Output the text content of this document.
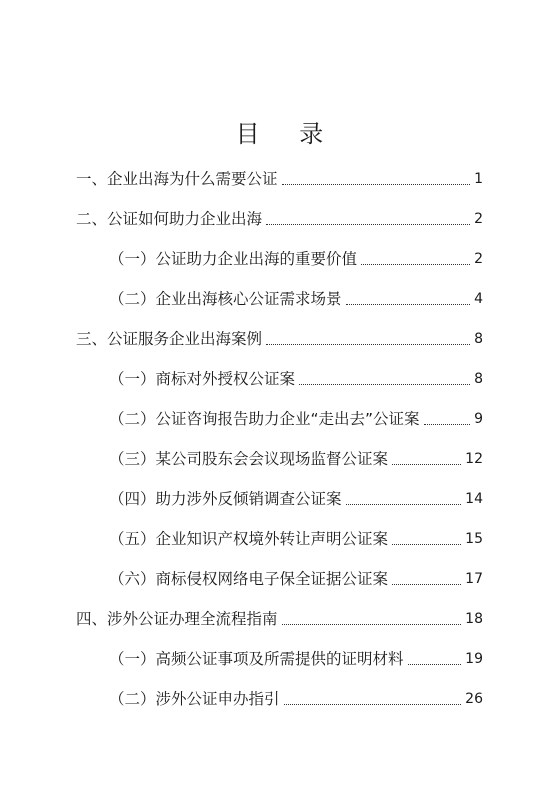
目 录
一、企业出海为什么需要公证	1
二、公证如何助力企业出海	2
（一）公证助力企业出海的重要价值	2
（二）企业出海核心公证需求场景	4
三、公证服务企业出海案例	8
（一）商标对外授权公证案	8
（二）公证咨询报告助力企业“走出去”公证案	9
（三）某公司股东会会议现场监督公证案	12
（四）助力涉外反倾销调查公证案	14
（五）企业知识产权境外转让声明公证案	15
（六）商标侵权网络电子保全证据公证案	17
四、涉外公证办理全流程指南	18
（一）高频公证事项及所需提供的证明材料	19
（二）涉外公证申办指引	26
